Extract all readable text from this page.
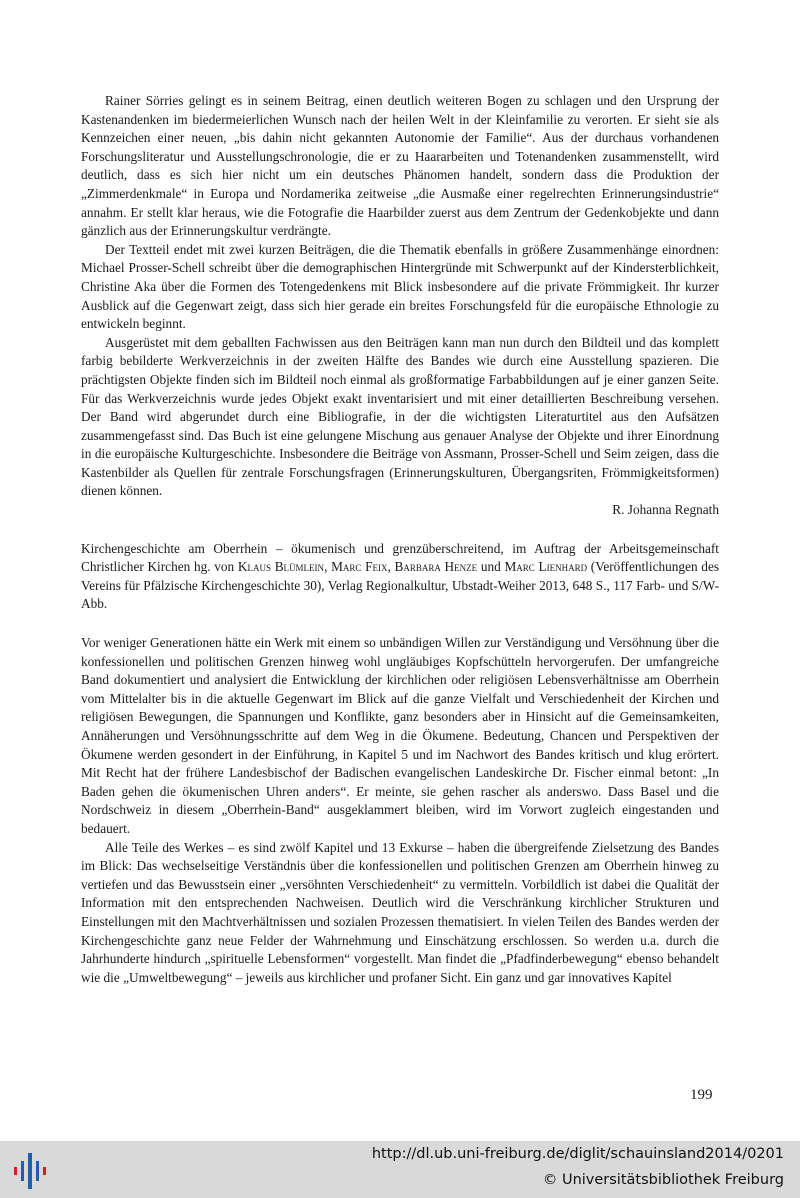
Rainer Sörries gelingt es in seinem Beitrag, einen deutlich weiteren Bogen zu schlagen und den Ursprung der Kastenandenken im biedermeierlichen Wunsch nach der heilen Welt in der Kleinfamilie zu verorten. Er sieht sie als Kennzeichen einer neuen, „bis dahin nicht gekannten Autonomie der Familie“. Aus der durchaus vorhandenen Forschungsliteratur und Ausstellungschronologie, die er zu Haararbeiten und Totenandenken zusammenstellt, wird deutlich, dass es sich hier nicht um ein deutsches Phänomen handelt, sondern dass die Produktion der „Zimmerdenkmale“ in Europa und Nordamerika zeitweise „die Ausmaße einer regelrechten Erinnerungsindustrie“ annahm. Er stellt klar heraus, wie die Fotografie die Haarbilder zuerst aus dem Zentrum der Gedenkobjekte und dann gänzlich aus der Erinnerungskultur verdrängte.

Der Textteil endet mit zwei kurzen Beiträgen, die die Thematik ebenfalls in größere Zusammenhänge einordnen: Michael Prosser-Schell schreibt über die demographischen Hintergründe mit Schwerpunkt auf der Kindersterblichkeit, Christine Aka über die Formen des Totengedenkens mit Blick insbesondere auf die private Frömmigkeit. Ihr kurzer Ausblick auf die Gegenwart zeigt, dass sich hier gerade ein breites Forschungsfeld für die europäische Ethnologie zu entwickeln beginnt.

Ausgerüstet mit dem geballten Fachwissen aus den Beiträgen kann man nun durch den Bildteil und das komplett farbig bebilderte Werkverzeichnis in der zweiten Hälfte des Bandes wie durch eine Ausstellung spazieren. Die prächtigsten Objekte finden sich im Bildteil noch einmal als großformatige Farbabbildungen auf je einer ganzen Seite. Für das Werkverzeichnis wurde jedes Objekt exakt inventarisiert und mit einer detaillierten Beschreibung versehen. Der Band wird abgerundet durch eine Bibliografie, in der die wichtigsten Literaturtitel aus den Aufsätzen zusammengefasst sind. Das Buch ist eine gelungene Mischung aus genauer Analyse der Objekte und ihrer Einordnung in die europäische Kulturgeschichte. Insbesondere die Beiträge von Assmann, Prosser-Schell und Seim zeigen, dass die Kastenbilder als Quellen für zentrale Forschungsfragen (Erinnerungskulturen, Übergangsriten, Frömmigkeitsformen) dienen können.

R. Johanna Regnath

Kirchengeschichte am Oberrhein – ökumenisch und grenzüberschreitend, im Auftrag der Arbeitsgemeinschaft Christlicher Kirchen hg. von Klaus Blümlein, Marc Feix, Barbara Henze und Marc Lienhard (Veröffentlichungen des Vereins für Pfälzische Kirchengeschichte 30), Verlag Regionalkultur, Ubstadt-Weiher 2013, 648 S., 117 Farb- und S/W-Abb.

Vor weniger Generationen hätte ein Werk mit einem so unbändigen Willen zur Verständigung und Versöhnung über die konfessionellen und politischen Grenzen hinweg wohl ungläubiges Kopfschütteln hervorgerufen. Der umfangreiche Band dokumentiert und analysiert die Entwicklung der kirchlichen oder religiösen Lebensverhältnisse am Oberrhein vom Mittelalter bis in die aktuelle Gegenwart im Blick auf die ganze Vielfalt und Verschiedenheit der Kirchen und religiösen Bewegungen, die Spannungen und Konflikte, ganz besonders aber in Hinsicht auf die Gemeinsamkeiten, Annäherungen und Versöhnungsschritte auf dem Weg in die Ökumene. Bedeutung, Chancen und Perspektiven der Ökumene werden gesondert in der Einführung, in Kapitel 5 und im Nachwort des Bandes kritisch und klug erörtert. Mit Recht hat der frühere Landesbischof der Badischen evangelischen Landeskirche Dr. Fischer einmal betont: „In Baden gehen die ökumenischen Uhren anders“. Er meinte, sie gehen rascher als anderswo. Dass Basel und die Nordschweiz in diesem „Oberrhein-Band“ ausgeklammert bleiben, wird im Vorwort zugleich eingestanden und bedauert.

Alle Teile des Werkes – es sind zwölf Kapitel und 13 Exkurse – haben die übergreifende Zielsetzung des Bandes im Blick: Das wechselseitige Verständnis über die konfessionellen und politischen Grenzen am Oberrhein hinweg zu vertiefen und das Bewusstsein einer „versöhnten Verschiedenheit“ zu vermitteln. Vorbildlich ist dabei die Qualität der Information mit den entsprechenden Nachweisen. Deutlich wird die Verschränkung kirchlicher Strukturen und Einstellungen mit den Machtverhältnissen und sozialen Prozessen thematisiert. In vielen Teilen des Bandes werden der Kirchengeschichte ganz neue Felder der Wahrnehmung und Einschätzung erschlossen. So werden u.a. durch die Jahrhunderte hindurch „spirituelle Lebensformen“ vorgestellt. Man findet die „Pfadfinderbewegung“ ebenso behandelt wie die „Umweltbewegung“ – jeweils aus kirchlicher und profaner Sicht. Ein ganz und gar innovatives Kapitel

199
http://dl.ub.uni-freiburg.de/diglit/schauinsland2014/0201
© Universitätsbibliothek Freiburg
